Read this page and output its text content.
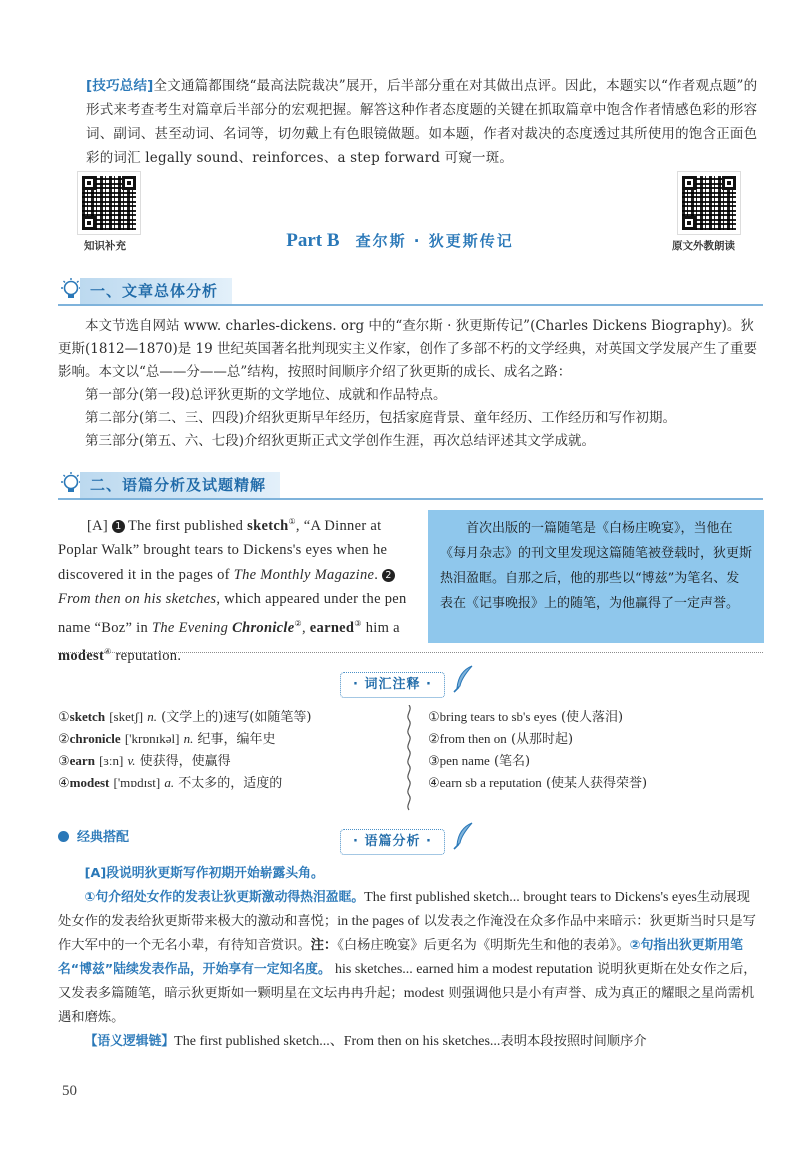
[技巧总结]全文通篇都围绕“最高法院裁决”展开，后半部分重在对其做出点评。因此，本题实以“作者观点题”的形式来考查考生对篇章后半部分的宏观把握。解答这种作者态度题的关键在抓取篇章中饱含作者情感色彩的形容词、副词、甚至动词、名词等，切勿戴上有色眼镜做题。如本题，作者对裁决的态度透过其所使用的饱含正面色彩的词汇 legally sound、reinforces、a step forward 可窥一斑。
知识补充	原文外教朗读
Part B 查尔斯 · 狄更斯传记
一、文章总体分析

本文节选自网站 www. charles-dickens. org 中的“查尔斯 · 狄更斯传记”(Charles Dickens Biography)。狄更斯(1812—1870)是 19 世纪英国著名批判现实主义作家，创作了多部不朽的文学经典，对英国文学发展产生了重要影响。本文以“总——分——总”结构，按照时间顺序介绍了狄更斯的成长、成名之路：

第一部分(第一段)总评狄更斯的文学地位、成就和作品特点。

第二部分(第二、三、四段)介绍狄更斯早年经历，包括家庭背景、童年经历、工作经历和写作初期。

第三部分(第五、六、七段)介绍狄更斯正式文学创作生涯，再次总结评述其文学成就。

二、语篇分析及试题精解
[A] 1 The first published sketch①, “A Dinner at Poplar Walk” brought tears to Dickens's eyes when he discovered it in the pages of The Monthly Magazine. 2From then on his sketches, which appeared under the pen name “Boz” in The Evening Chronicle②, earned③ him a modest④ reputation.
首次出版的一篇随笔是《白杨庄晚宴》，当他在《每月杂志》的刊文里发现这篇随笔被登载时，狄更斯热泪盈眶。自那之后，他的那些以“博兹”为笔名、发表在《记事晚报》上的随笔，为他赢得了一定声誉。
· 词汇注释 ·
①sketch [sketʃ] n. (文学上的)速写(如随笔等)
②chronicle ['krɒnɪkəl] n. 纪事，编年史
③earn [ɜːn] v. 使获得，使赢得
④modest ['mɒdɪst] a. 不太多的，适度的
①bring tears to sb's eyes (使人落泪)
②from then on (从那时起)
③pen name (笔名)
④earn sb a reputation (使某人获得荣誉)
经典搭配	· 语篇分析 ·

[A]段说明狄更斯写作初期开始崭露头角。

①句介绍处女作的发表让狄更斯激动得热泪盈眶。The first published sketch... brought tears to Dickens's eyes生动展现处女作的发表给狄更斯带来极大的激动和喜悦；in the pages of 以发表之作淹没在众多作品中来暗示：狄更斯当时只是写作大军中的一个无名小辈，有待知音赏识。注：《白杨庄晚宴》后更名为《明斯先生和他的表弟》。②句指出狄更斯用笔名“博兹”陆续发表作品，开始享有一定知名度。 his sketches... earned him a modest reputation 说明狄更斯在处女作之后，又发表多篇随笔，暗示狄更斯如一颗明星在文坛冉冉升起；modest 则强调他只是小有声誉、成为真正的耀眼之星尚需机遇和磨炼。

【语义逻辑链】The first published sketch...、From then on his sketches...表明本段按照时间顺序介

50
